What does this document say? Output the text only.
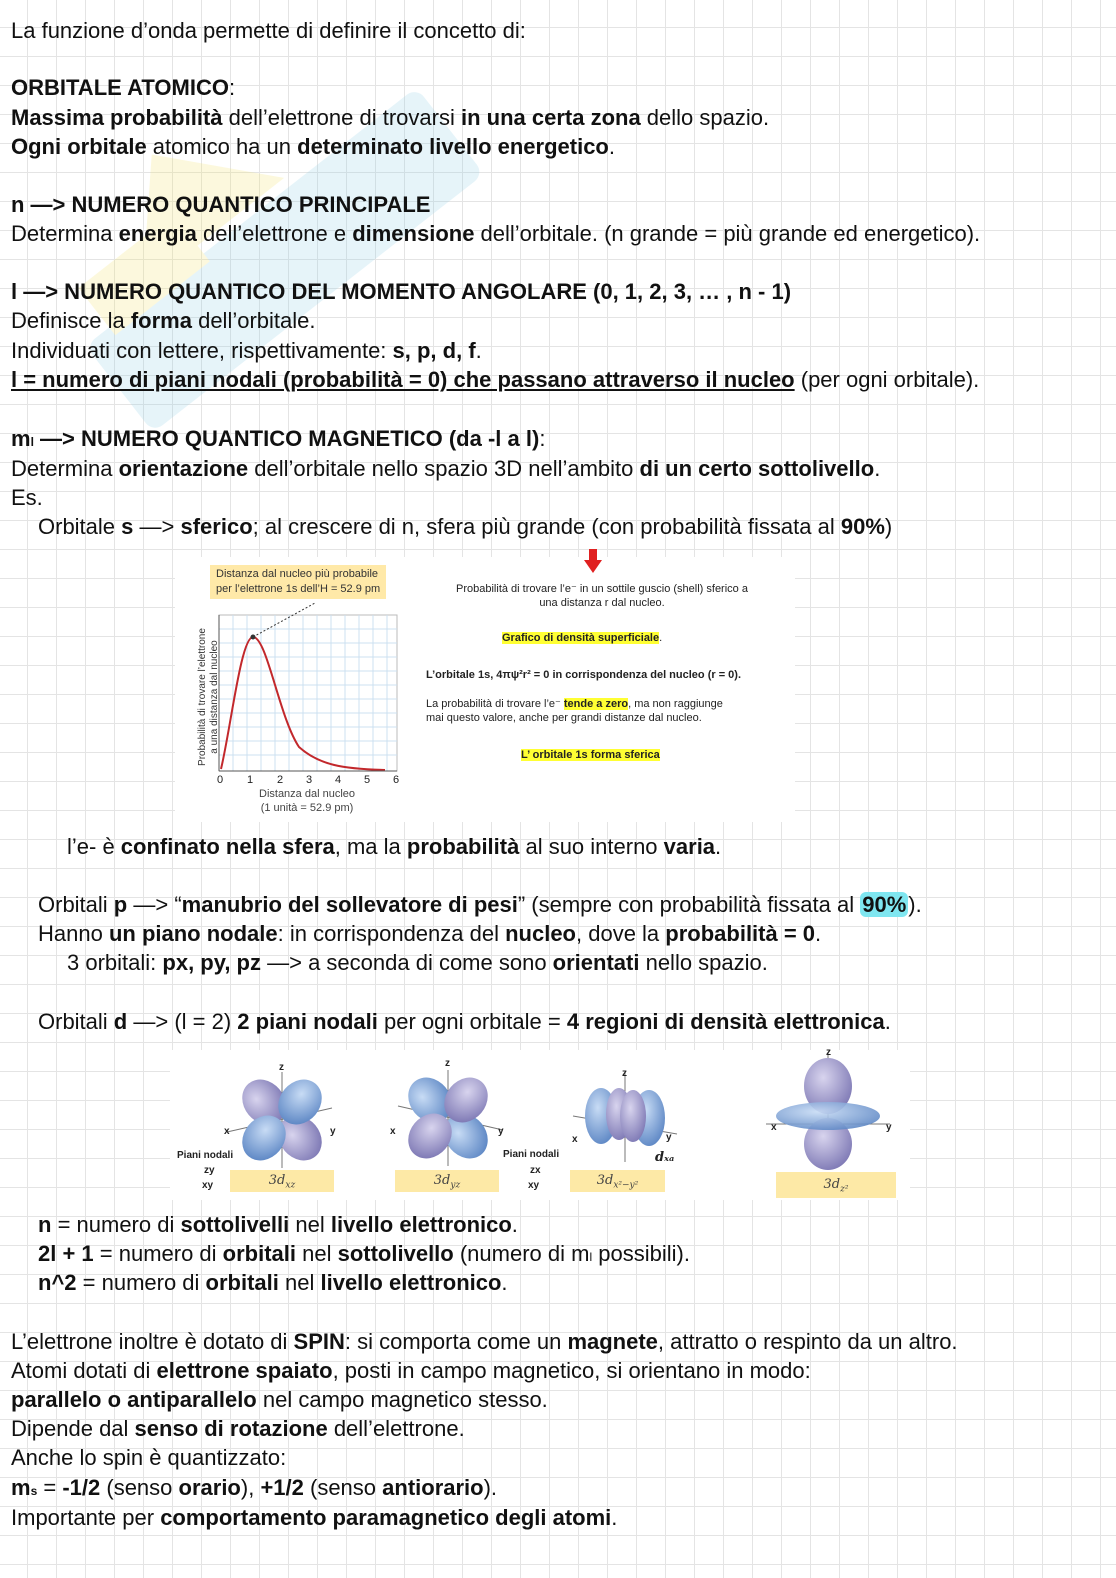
La funzione d’onda permette di definire il concetto di:
ORBITALE ATOMICO:
Massima probabilità dell’elettrone di trovarsi in una certa zona dello spazio.
Ogni orbitale atomico ha un determinato livello energetico.
n —> NUMERO QUANTICO PRINCIPALE
Determina energia dell’elettrone e dimensione dell’orbitale. (n grande = più grande ed energetico).
l —> NUMERO QUANTICO DEL MOMENTO ANGOLARE (0, 1, 2, 3, … , n - 1)
Definisce la forma dell’orbitale.
Individuati con lettere, rispettivamente: s, p, d, f.
l = numero di piani nodali (probabilità = 0) che passano attraverso il nucleo (per ogni orbitale).
ml —> NUMERO QUANTICO MAGNETICO (da -l a l):
Determina orientazione dell’orbitale nello spazio 3D nell’ambito di un certo sottolivello.
Es.
Orbitale s —> sferico; al crescere di n, sfera più grande (con probabilità fissata al 90%)
Distanza dal nucleo più probabile
per l’elettrone 1s dell’H = 52.9 pm
Probabilità di trovare l’elettrone a una distanza dal nucleo
0 1 2 3 4 5 6
Distanza dal nucleo
(1 unità = 52.9 pm)
Probabilità di trovare l’e⁻ in un sottile guscio (shell) sferico a
una distanza r dal nucleo.
Grafico di densità superficiale.
L’orbitale 1s, 4πψ²r² = 0 in corrispondenza del nucleo (r = 0).
La probabilità di trovare l’e⁻ tende a zero, ma non raggiunge
mai questo valore, anche per grandi distanze dal nucleo.
L’ orbitale 1s forma sferica
l’e- è confinato nella sfera, ma la probabilità al suo interno varia.
Orbitali p —> “manubrio del sollevatore di pesi” (sempre con probabilità fissata al 90%).
Hanno un piano nodale: in corrispondenza del nucleo, dove la probabilità = 0.
3 orbitali: px, py, pz —> a seconda di come sono orientati nello spazio.
Orbitali d —> (l = 2) 2 piani nodali per ogni orbitale = 4 regioni di densità elettronica.
z
x	y
z
x	y
z
x	y
dₓₐ
z
x	y
Piani nodali
zy
xy
Piani nodali
zx
xy
$3d_{xz}$	$3d_{yz}$	$3d_{x^2-y^2}$	$3d_{z^2}$
n = numero di sottolivelli nel livello elettronico.
2l + 1 = numero di orbitali nel sottolivello (numero di ml possibili).
n^2 = numero di orbitali nel livello elettronico.
L’elettrone inoltre è dotato di SPIN: si comporta come un magnete, attratto o respinto da un altro.
Atomi dotati di elettrone spaiato, posti in campo magnetico, si orientano in modo:
parallelo o antiparallelo nel campo magnetico stesso.
Dipende dal senso di rotazione dell’elettrone.
Anche lo spin è quantizzato:
ms = -1/2 (senso orario), +1/2 (senso antiorario).
Importante per comportamento paramagnetico degli atomi.
